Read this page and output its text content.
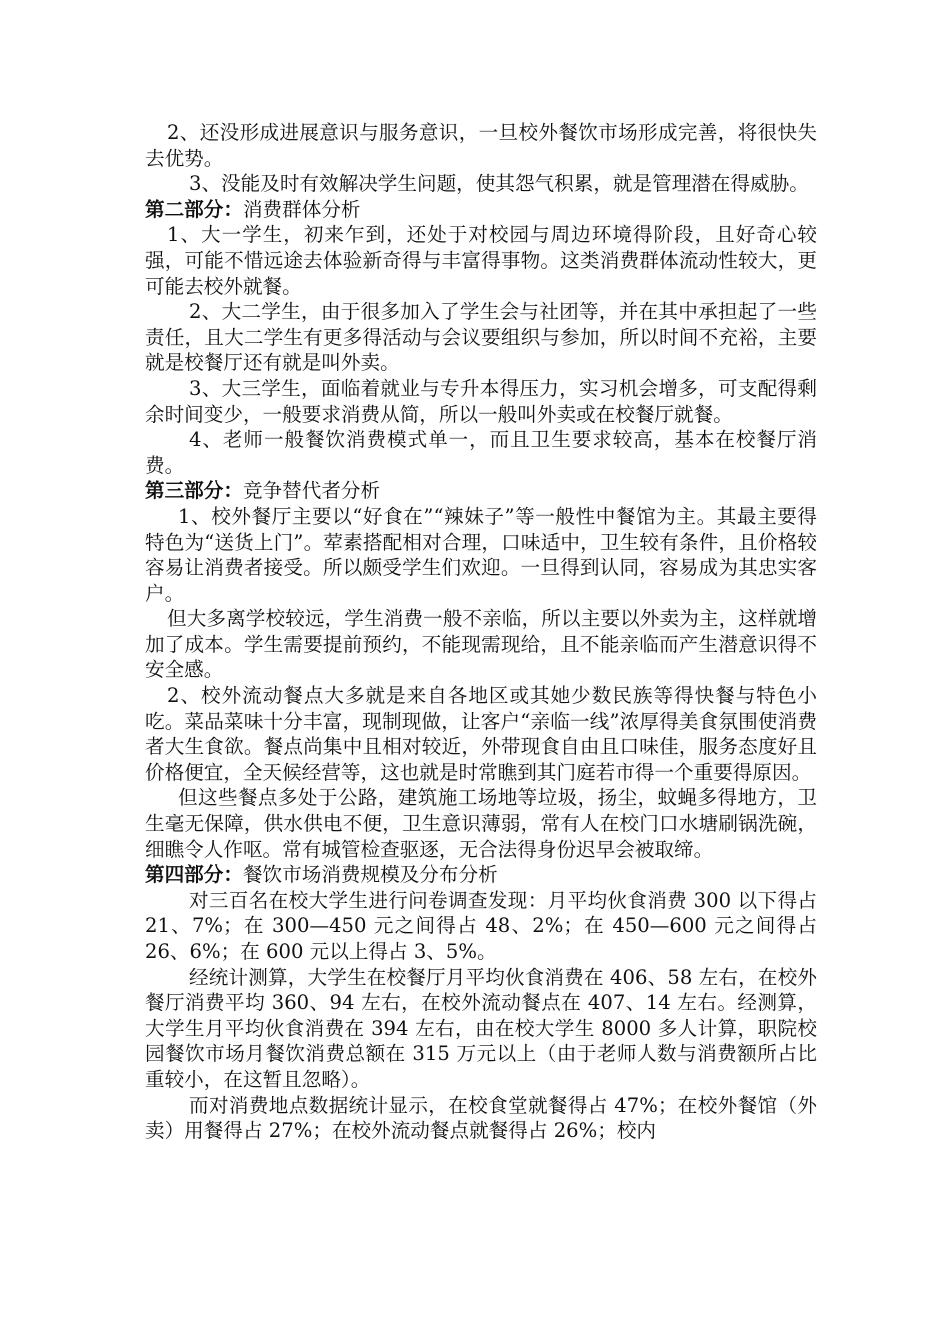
2、还没形成进展意识与服务意识，一旦校外餐饮市场形成完善，将很快失去优势。

3、没能及时有效解决学生问题，使其怨气积累，就是管理潜在得威胁。

第二部分：消费群体分析

1、大一学生，初来乍到，还处于对校园与周边环境得阶段，且好奇心较强，可能不惜远途去体验新奇得与丰富得事物。这类消费群体流动性较大，更可能去校外就餐。

2、大二学生，由于很多加入了学生会与社团等，并在其中承担起了一些责任，且大二学生有更多得活动与会议要组织与参加，所以时间不充裕，主要就是校餐厅还有就是叫外卖。

3、大三学生，面临着就业与专升本得压力，实习机会增多，可支配得剩余时间变少，一般要求消费从简，所以一般叫外卖或在校餐厅就餐。

4、老师一般餐饮消费模式单一，而且卫生要求较高，基本在校餐厅消费。

第三部分：竞争替代者分析

1、校外餐厅主要以“好食在”“辣妹子”等一般性中餐馆为主。其最主要得特色为“送货上门”。荤素搭配相对合理，口味适中，卫生较有条件，且价格较容易让消费者接受。所以颇受学生们欢迎。一旦得到认同，容易成为其忠实客户。

但大多离学校较远，学生消费一般不亲临，所以主要以外卖为主，这样就增加了成本。学生需要提前预约，不能现需现给，且不能亲临而产生潜意识得不安全感。

2、校外流动餐点大多就是来自各地区或其她少数民族等得快餐与特色小吃。菜品菜味十分丰富，现制现做，让客户“亲临一线”浓厚得美食氛围使消费者大生食欲。餐点尚集中且相对较近，外带现食自由且口味佳，服务态度好且价格便宜，全天候经营等，这也就是时常瞧到其门庭若市得一个重要得原因。

但这些餐点多处于公路，建筑施工场地等垃圾，扬尘，蚊蝇多得地方，卫生毫无保障，供水供电不便，卫生意识薄弱，常有人在校门口水塘刷锅洗碗，细瞧令人作呕。常有城管检查驱逐，无合法得身份迟早会被取缔。

第四部分：餐饮市场消费规模及分布分析

对三百名在校大学生进行问卷调查发现：月平均伙食消费 300 以下得占 21、7%；在 300—450 元之间得占 48、2%；在 450—600 元之间得占 26、6%；在 600 元以上得占 3、5%。

经统计测算，大学生在校餐厅月平均伙食消费在 406、58 左右，在校外餐厅消费平均 360、94 左右，在校外流动餐点在 407、14 左右。经测算，大学生月平均伙食消费在 394 左右，由在校大学生 8000 多人计算，职院校园餐饮市场月餐饮消费总额在 315 万元以上（由于老师人数与消费额所占比重较小，在这暂且忽略）。

而对消费地点数据统计显示，在校食堂就餐得占 47%；在校外餐馆（外卖）用餐得占 27%；在校外流动餐点就餐得占 26%；校内
